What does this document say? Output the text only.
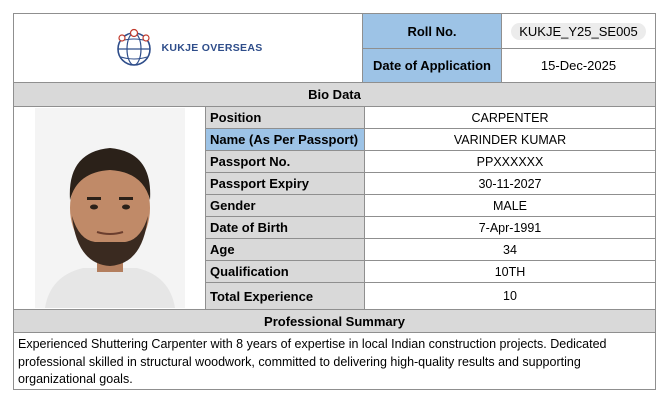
KUKJE OVERSEAS
Roll No.	KUKJE_Y25_SE005
Date of Application	15-Dec-2025
Bio Data
Position	CARPENTER
Name (As Per Passport)	VARINDER KUMAR
Passport No.	PPXXXXXX
Passport Expiry	30-11-2027
Gender	MALE
Date of Birth	7-Apr-1991
Age	34
Qualification	10TH
Total Experience	10
Professional Summary
Experienced Shuttering Carpenter with 8 years of expertise in local Indian construction projects. Dedicated professional skilled in structural woodwork, committed to delivering high-quality results and supporting organizational goals.
